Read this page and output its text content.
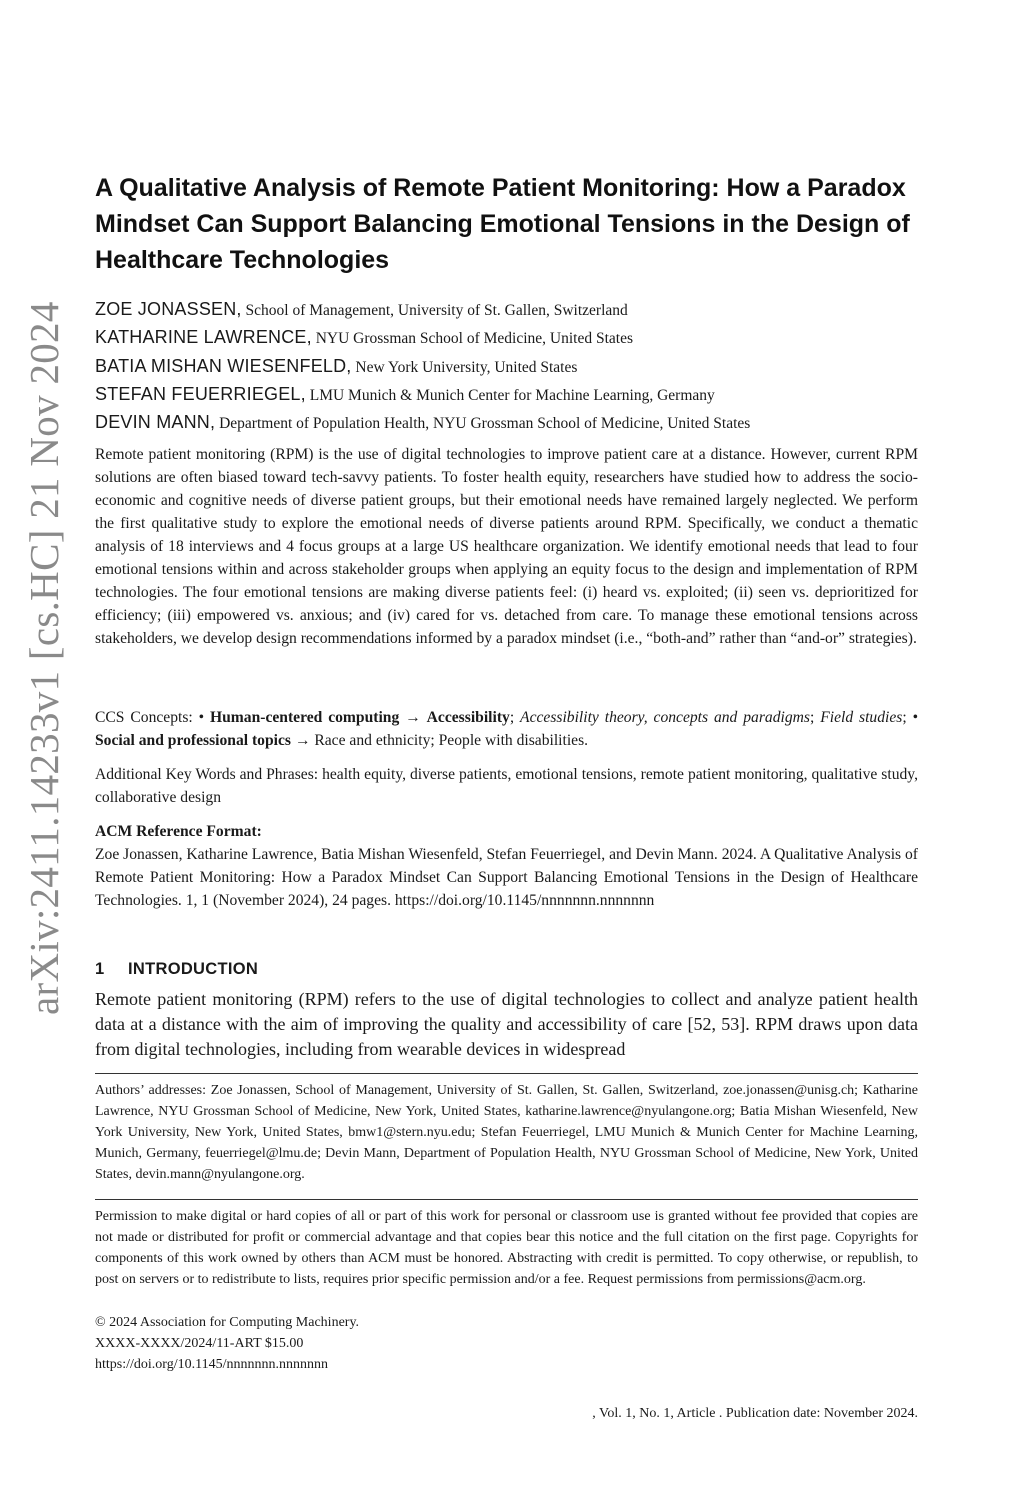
arXiv:2411.14233v1 [cs.HC] 21 Nov 2024
A Qualitative Analysis of Remote Patient Monitoring: How a Paradox Mindset Can Support Balancing Emotional Tensions in the Design of Healthcare Technologies
ZOE JONASSEN, School of Management, University of St. Gallen, Switzerland
KATHARINE LAWRENCE, NYU Grossman School of Medicine, United States
BATIA MISHAN WIESENFELD, New York University, United States
STEFAN FEUERRIEGEL, LMU Munich & Munich Center for Machine Learning, Germany
DEVIN MANN, Department of Population Health, NYU Grossman School of Medicine, United States

Remote patient monitoring (RPM) is the use of digital technologies to improve patient care at a distance. However, current RPM solutions are often biased toward tech-savvy patients. To foster health equity, researchers have studied how to address the socio-economic and cognitive needs of diverse patient groups, but their emotional needs have remained largely neglected. We perform the first qualitative study to explore the emotional needs of diverse patients around RPM. Specifically, we conduct a thematic analysis of 18 interviews and 4 focus groups at a large US healthcare organization. We identify emotional needs that lead to four emotional tensions within and across stakeholder groups when applying an equity focus to the design and implementation of RPM technologies. The four emotional tensions are making diverse patients feel: (i) heard vs. exploited; (ii) seen vs. deprioritized for efficiency; (iii) empowered vs. anxious; and (iv) cared for vs. detached from care. To manage these emotional tensions across stakeholders, we develop design recommendations informed by a paradox mindset (i.e., “both-and” rather than “and-or” strategies).

CCS Concepts: • Human-centered computing → Accessibility; Accessibility theory, concepts and paradigms; Field studies; • Social and professional topics → Race and ethnicity; People with disabilities.

Additional Key Words and Phrases: health equity, diverse patients, emotional tensions, remote patient monitoring, qualitative study, collaborative design

ACM Reference Format:
Zoe Jonassen, Katharine Lawrence, Batia Mishan Wiesenfeld, Stefan Feuerriegel, and Devin Mann. 2024. A Qualitative Analysis of Remote Patient Monitoring: How a Paradox Mindset Can Support Balancing Emotional Tensions in the Design of Healthcare Technologies. 1, 1 (November 2024), 24 pages. https://doi.org/10.1145/nnnnnnn.nnnnnnn
1 INTRODUCTION

Remote patient monitoring (RPM) refers to the use of digital technologies to collect and analyze patient health data at a distance with the aim of improving the quality and accessibility of care [52, 53]. RPM draws upon data from digital technologies, including from wearable devices in widespread

Authors’ addresses: Zoe Jonassen, School of Management, University of St. Gallen, St. Gallen, Switzerland, zoe.jonassen@unisg.ch; Katharine Lawrence, NYU Grossman School of Medicine, New York, United States, katharine.lawrence@nyulangone.org; Batia Mishan Wiesenfeld, New York University, New York, United States, bmw1@stern.nyu.edu; Stefan Feuerriegel, LMU Munich & Munich Center for Machine Learning, Munich, Germany, feuerriegel@lmu.de; Devin Mann, Department of Population Health, NYU Grossman School of Medicine, New York, United States, devin.mann@nyulangone.org.

Permission to make digital or hard copies of all or part of this work for personal or classroom use is granted without fee provided that copies are not made or distributed for profit or commercial advantage and that copies bear this notice and the full citation on the first page. Copyrights for components of this work owned by others than ACM must be honored. Abstracting with credit is permitted. To copy otherwise, or republish, to post on servers or to redistribute to lists, requires prior specific permission and/or a fee. Request permissions from permissions@acm.org.

© 2024 Association for Computing Machinery.
XXXX-XXXX/2024/11-ART $15.00
https://doi.org/10.1145/nnnnnnn.nnnnnnn
, Vol. 1, No. 1, Article . Publication date: November 2024.
